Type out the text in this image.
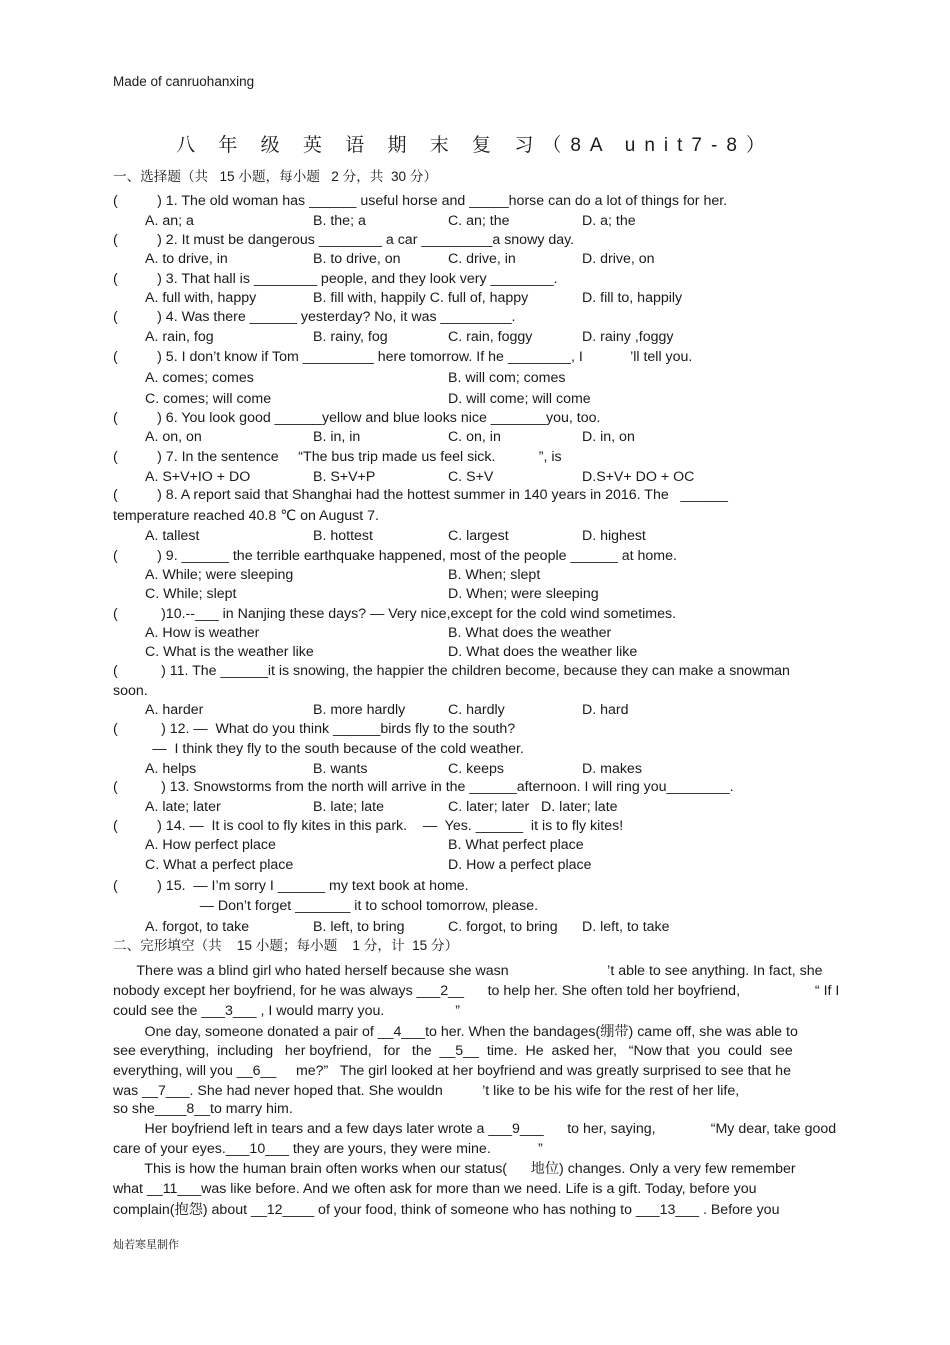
Made of canruohanxing
八 年 级 英 语 期 末 复 习（8A unit7-8）
一、选择题（共   15 小题，每小题   2 分，共  30 分）
(          ) 1. The old woman has ______ useful horse and _____horse can do a lot of things for her.
A. an; a	B. the; a	C. an; the	D. a; the
(          ) 2. It must be dangerous ________ a car _________a snowy day.
A. to drive, in	B. to drive, on	C. drive, in	D. drive, on
(          ) 3. That hall is ________ people, and they look very ________.
A. full with, happy	B. fill with, happily C. full of, happy	D. fill to, happily
(          ) 4. Was there ______ yesterday? No, it was _________.
A. rain, fog	B. rainy, fog	C. rain, foggy	D. rainy ,foggy
(          ) 5. I don’t know if Tom _________ here tomorrow. If he ________, I            ’ll tell you.
A. comes; comes	B. will com; comes
C. comes; will come	D. will come; will come
(          ) 6. You look good ______yellow and blue looks nice _______you, too.
A. on, on	B. in, in	C. on, in	D. in, on
(          ) 7. In the sentence     “The bus trip made us feel sick.           ”, is
A. S+V+IO + DO	B. S+V+P	C. S+V	D.S+V+ DO + OC
(          ) 8. A report said that Shanghai had the hottest summer in 140 years in 2016. The   ______
temperature reached 40.8 ℃ on August 7.
A. tallest	B. hottest	C. largest	D. highest
(          ) 9. ______ the terrible earthquake happened, most of the people ______ at home.
A. While; were sleeping	B. When; slept
C. While; slept	D. When; were sleeping
(           )10.--___ in Nanjing these days? — Very nice,except for the cold wind sometimes.
A. How is weather	B. What does the weather
C. What is the weather like	D. What does the weather like
(           ) 11. The ______it is snowing, the happier the children become, because they can make a snowman
soon.
A. harder	B. more hardly	C. hardly	D. hard
(           ) 12. —  What do you think ______birds fly to the south?
—  I think they fly to the south because of the cold weather.
A. helps	B. wants	C. keeps	D. makes
(           ) 13. Snowstorms from the north will arrive in the ______afternoon. I will ring you________.
A. late; later	B. late; late	C. later; later   D. later; late
(          ) 14. —  It is cool to fly kites in this park.    —  Yes. ______  it is to fly kites!
A. How perfect place	B. What perfect place
C. What a perfect place	D. How a perfect place
(          ) 15.  — I’m sorry I ______ my text book at home.
— Don’t forget _______ it to school tomorrow, please.
A. forgot, to take	B. left, to bring	C. forgot, to bring D. left, to take
二、完形填空（共    15 小题；每小题    1 分，计  15 分）
There was a blind girl who hated herself because she wasn                         ’t able to see anything. In fact, she
nobody except her boyfriend, for he was always ___2__      to help her. She often told her boyfriend,                   “ If I
could see the ___3___ , I would marry you.                  ”
One day, someone donated a pair of __4___to her. When the bandages(绷带) came off, she was able to
see everything,  including   her boyfriend,   for   the  __5__  time.  He  asked her,   “Now that  you  could  see
everything, will you __6__     me?”   The girl looked at her boyfriend and was greatly surprised to see that he
was __7___. She had never hoped that. She wouldn          ’t like to be his wife for the rest of her life,
so she____8__to marry him.
Her boyfriend left in tears and a few days later wrote a ___9___      to her, saying,              “My dear, take good
care of your eyes.___10___ they are yours, they were mine.            ”
This is how the human brain often works when our status(      地位) changes. Only a very few remember
what __11___was like before. And we often ask for more than we need. Life is a gift. Today, before you
complain(抱怨) about __12____ of your food, think of someone who has nothing to ___13___ . Before you
灿若寒星制作
